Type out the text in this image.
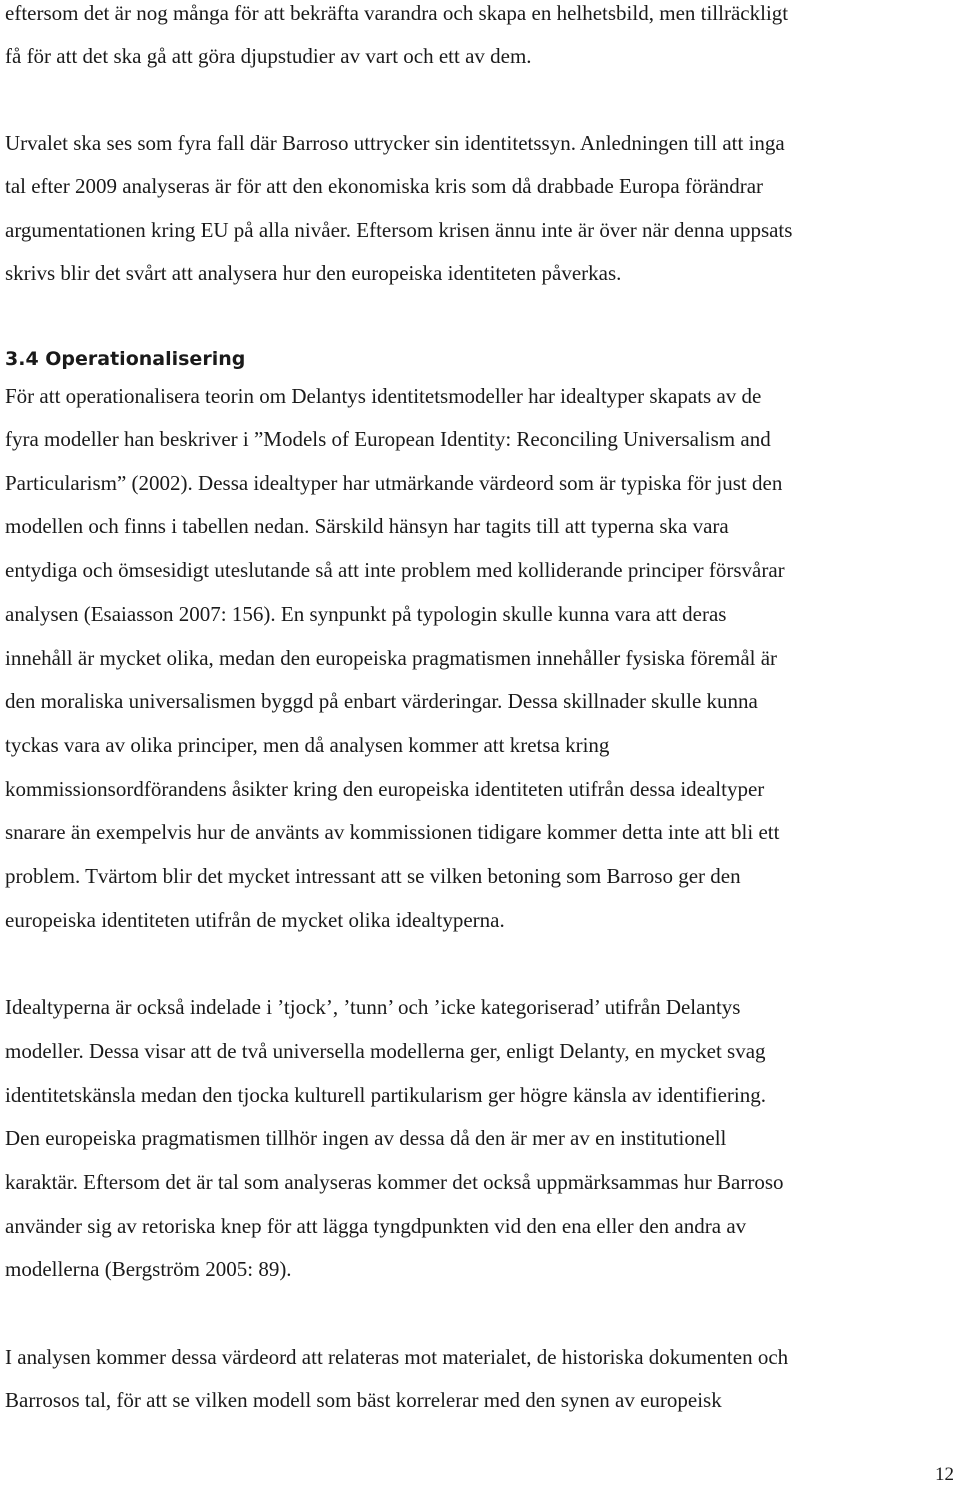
eftersom det är nog många för att bekräfta varandra och skapa en helhetsbild, men tillräckligt
få för att det ska gå att göra djupstudier av vart och ett av dem.
Urvalet ska ses som fyra fall där Barroso uttrycker sin identitetssyn. Anledningen till att inga
tal efter 2009 analyseras är för att den ekonomiska kris som då drabbade Europa förändrar
argumentationen kring EU på alla nivåer. Eftersom krisen ännu inte är över när denna uppsats
skrivs blir det svårt att analysera hur den europeiska identiteten påverkas.
3.4 Operationalisering
För att operationalisera teorin om Delantys identitetsmodeller har idealtyper skapats av de
fyra modeller han beskriver i ”Models of European Identity: Reconciling Universalism and
Particularism” (2002). Dessa idealtyper har utmärkande värdeord som är typiska för just den
modellen och finns i tabellen nedan. Särskild hänsyn har tagits till att typerna ska vara
entydiga och ömsesidigt uteslutande så att inte problem med kolliderande principer försvårar
analysen (Esaiasson 2007: 156). En synpunkt på typologin skulle kunna vara att deras
innehåll är mycket olika, medan den europeiska pragmatismen innehåller fysiska föremål är
den moraliska universalismen byggd på enbart värderingar. Dessa skillnader skulle kunna
tyckas vara av olika principer, men då analysen kommer att kretsa kring
kommissionsordförandens åsikter kring den europeiska identiteten utifrån dessa idealtyper
snarare än exempelvis hur de använts av kommissionen tidigare kommer detta inte att bli ett
problem. Tvärtom blir det mycket intressant att se vilken betoning som Barroso ger den
europeiska identiteten utifrån de mycket olika idealtyperna.
Idealtyperna är också indelade i ’tjock’, ’tunn’ och ’icke kategoriserad’ utifrån Delantys
modeller. Dessa visar att de två universella modellerna ger, enligt Delanty, en mycket svag
identitetskänsla medan den tjocka kulturell partikularism ger högre känsla av identifiering.
Den europeiska pragmatismen tillhör ingen av dessa då den är mer av en institutionell
karaktär. Eftersom det är tal som analyseras kommer det också uppmärksammas hur Barroso
använder sig av retoriska knep för att lägga tyngdpunkten vid den ena eller den andra av
modellerna (Bergström 2005: 89).
I analysen kommer dessa värdeord att relateras mot materialet, de historiska dokumenten och
Barrosos tal, för att se vilken modell som bäst korrelerar med den synen av europeisk
12
